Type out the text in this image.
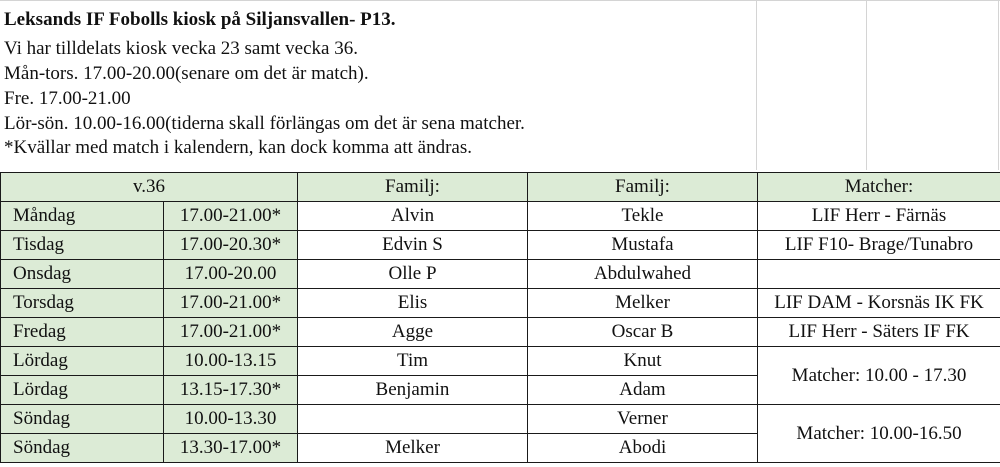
Leksands IF Fobolls kiosk på Siljansvallen- P13.
Vi har tilldelats kiosk vecka 23 samt vecka 36.
Mån-tors. 17.00-20.00(senare om det är match).
Fre. 17.00-21.00
Lör-sön. 10.00-16.00(tiderna skall förlängas om det är sena matcher.
*Kvällar med match i kalendern, kan dock komma att ändras.
v.36		Familj:	Familj:	Matcher:
Måndag	17.00-21.00*	Alvin	Tekle	LIF Herr - Färnäs
Tisdag	17.00-20.30*	Edvin S	Mustafa	LIF F10- Brage/Tunabro
Onsdag	17.00-20.00	Olle P	Abdulwahed	
Torsdag	17.00-21.00*	Elis	Melker	LIF DAM - Korsnäs IK FK
Fredag	17.00-21.00*	Agge	Oscar B	LIF Herr - Säters IF FK
Lördag	10.00-13.15	Tim	Knut	Matcher: 10.00 - 17.30
Lördag	13.15-17.30*	Benjamin	Adam	
Söndag	10.00-13.30		Verner	Matcher: 10.00-16.50
Söndag	13.30-17.00*	Melker	Abodi	
